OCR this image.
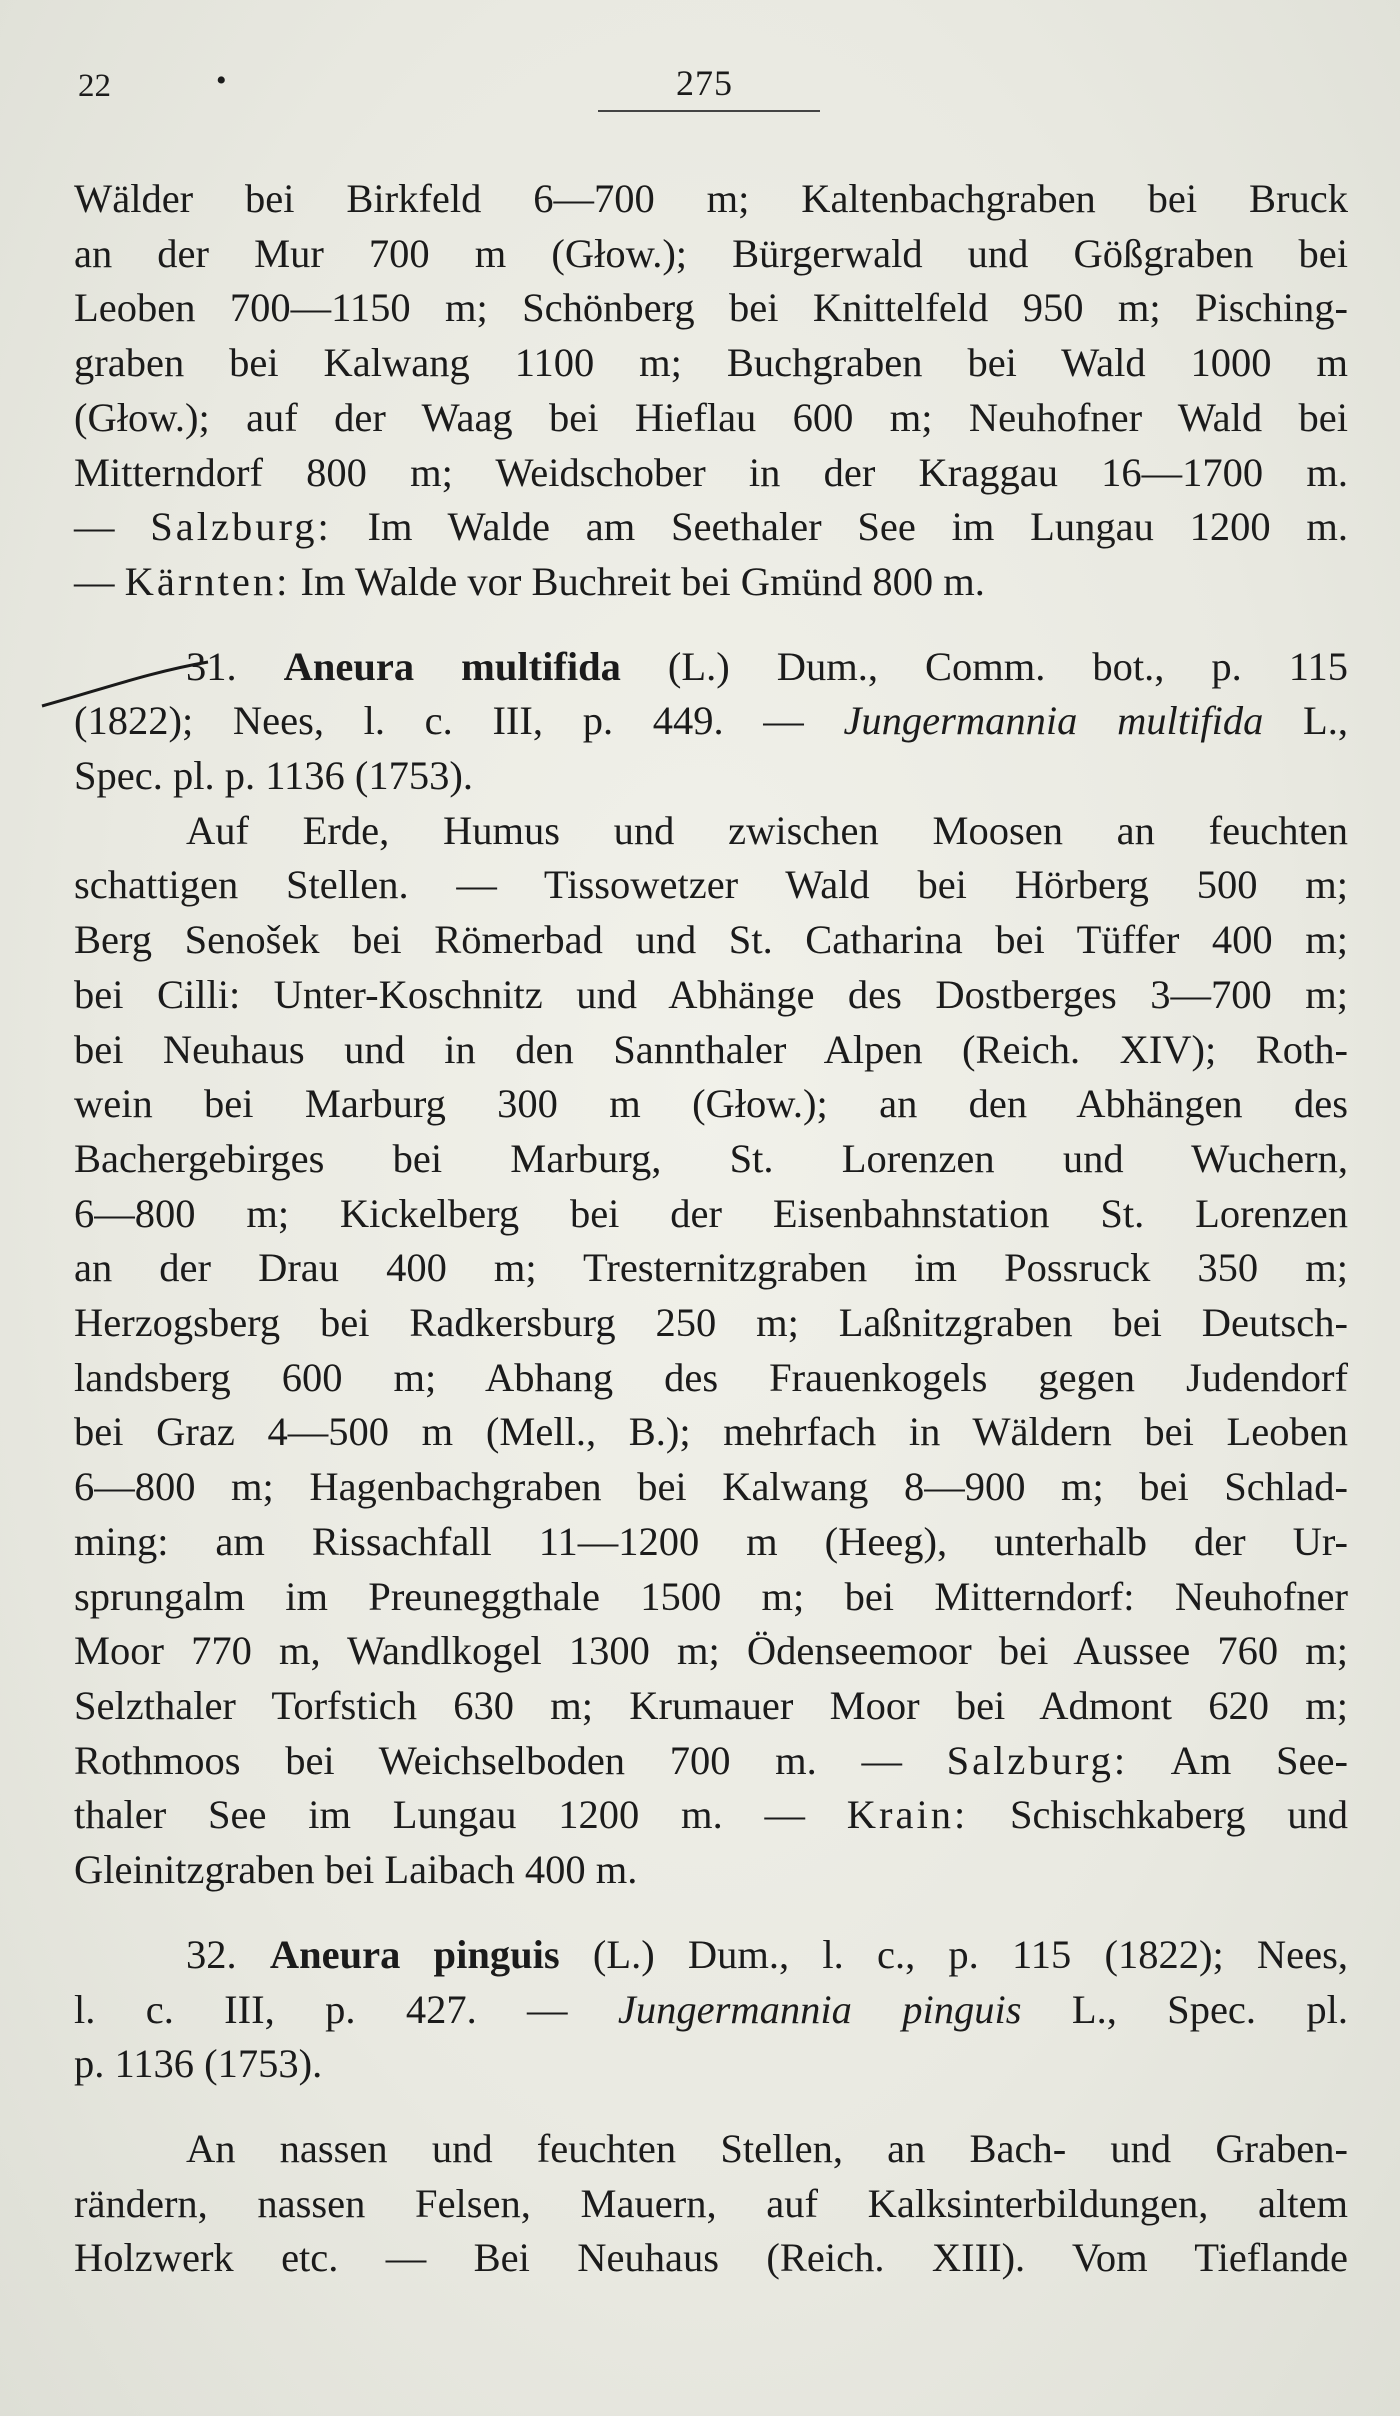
22	•	275

Wälder bei Birkfeld 6—700 m; Kaltenbachgraben bei Bruck

an der Mur 700 m (Głow.); Bürgerwald und Gößgraben bei

Leoben 700—1150 m; Schönberg bei Knittelfeld 950 m; Pisching-

graben bei Kalwang 1100 m; Buchgraben bei Wald 1000 m

(Głow.); auf der Waag bei Hieflau 600 m; Neuhofner Wald bei

Mitterndorf 800 m; Weidschober in der Kraggau 16—1700 m.

— Salzburg: Im Walde am Seethaler See im Lungau 1200 m.

— Kärnten: Im Walde vor Buchreit bei Gmünd 800 m.

31. Aneura multifida (L.) Dum., Comm. bot., p. 115

(1822); Nees, l. c. III, p. 449. — Jungermannia multifida L.,

Spec. pl. p. 1136 (1753).

Auf Erde, Humus und zwischen Moosen an feuchten

schattigen Stellen. — Tissowetzer Wald bei Hörberg 500 m;

Berg Senošek bei Römerbad und St. Catharina bei Tüffer 400 m;

bei Cilli: Unter-Koschnitz und Abhänge des Dostberges 3—700 m;

bei Neuhaus und in den Sannthaler Alpen (Reich. XIV); Roth-

wein bei Marburg 300 m (Głow.); an den Abhängen des

Bachergebirges bei Marburg, St. Lorenzen und Wuchern,

6—800 m; Kickelberg bei der Eisenbahnstation St. Lorenzen

an der Drau 400 m; Tresternitzgraben im Possruck 350 m;

Herzogsberg bei Radkersburg 250 m; Laßnitzgraben bei Deutsch-

landsberg 600 m; Abhang des Frauenkogels gegen Judendorf

bei Graz 4—500 m (Mell., B.); mehrfach in Wäldern bei Leoben

6—800 m; Hagenbachgraben bei Kalwang 8—900 m; bei Schlad-

ming: am Rissachfall 11—1200 m (Heeg), unterhalb der Ur-

sprungalm im Preuneggthale 1500 m; bei Mitterndorf: Neuhofner

Moor 770 m, Wandlkogel 1300 m; Ödenseemoor bei Aussee 760 m;

Selzthaler Torfstich 630 m; Krumauer Moor bei Admont 620 m;

Rothmoos bei Weichselboden 700 m. — Salzburg: Am See-

thaler See im Lungau 1200 m. — Krain: Schischkaberg und

Gleinitzgraben bei Laibach 400 m.

32. Aneura pinguis (L.) Dum., l. c., p. 115 (1822); Nees,

l. c. III, p. 427. — Jungermannia pinguis L., Spec. pl.

p. 1136 (1753).

An nassen und feuchten Stellen, an Bach- und Graben-

rändern, nassen Felsen, Mauern, auf Kalksinterbildungen, altem

Holzwerk etc. — Bei Neuhaus (Reich. XIII). Vom Tieflande
